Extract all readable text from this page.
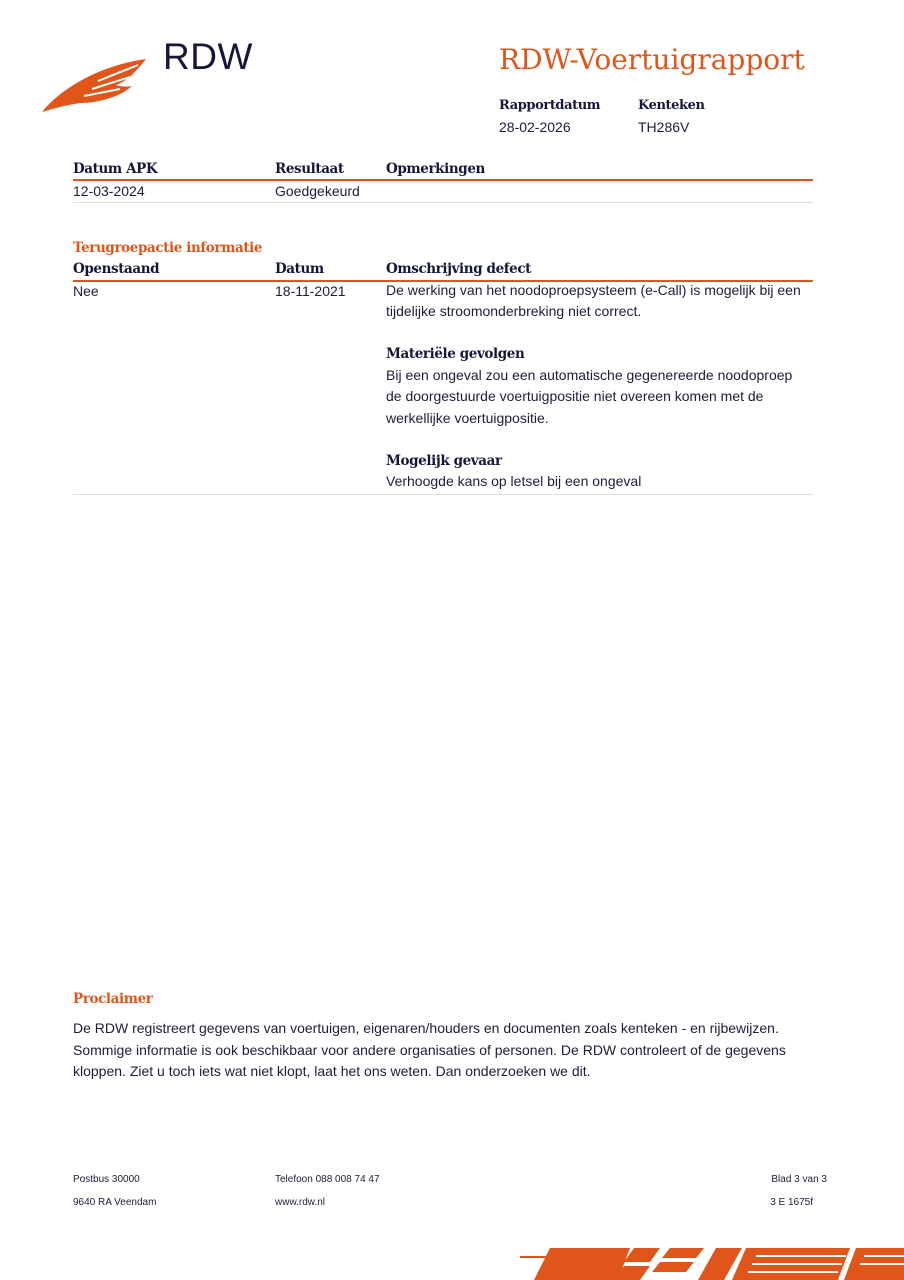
RDW	RDW-Voertuigrapport
Rapportdatum
28-02-2026
Kenteken
TH286V
Datum APK	Resultaat	Opmerkingen
12-03-2024	Goedgekeurd
Terugroepactie informatie
Openstaand	Datum	Omschrijving defect
Nee	18-11-2021	De werking van het noodoproepsysteem (e-Call) is mogelijk bij een tijdelijke stroomonderbreking niet correct.
Materiële gevolgen
Bij een ongeval zou een automatische gegenereerde noodoproep de doorgestuurde voertuigpositie niet overeen komen met de werkellijke voertuigpositie.
Mogelijk gevaar
Verhoogde kans op letsel bij een ongeval
Proclaimer
De RDW registreert gegevens van voertuigen, eigenaren/houders en documenten zoals kenteken - en rijbewijzen. Sommige informatie is ook beschikbaar voor andere organisaties of personen. De RDW controleert of de gegevens kloppen. Ziet u toch iets wat niet klopt, laat het ons weten. Dan onderzoeken we dit.
Postbus 30000
9640 RA Veendam
Telefoon 088 008 74 47
www.rdw.nl
Blad 3 van 3
3 E 1675f
